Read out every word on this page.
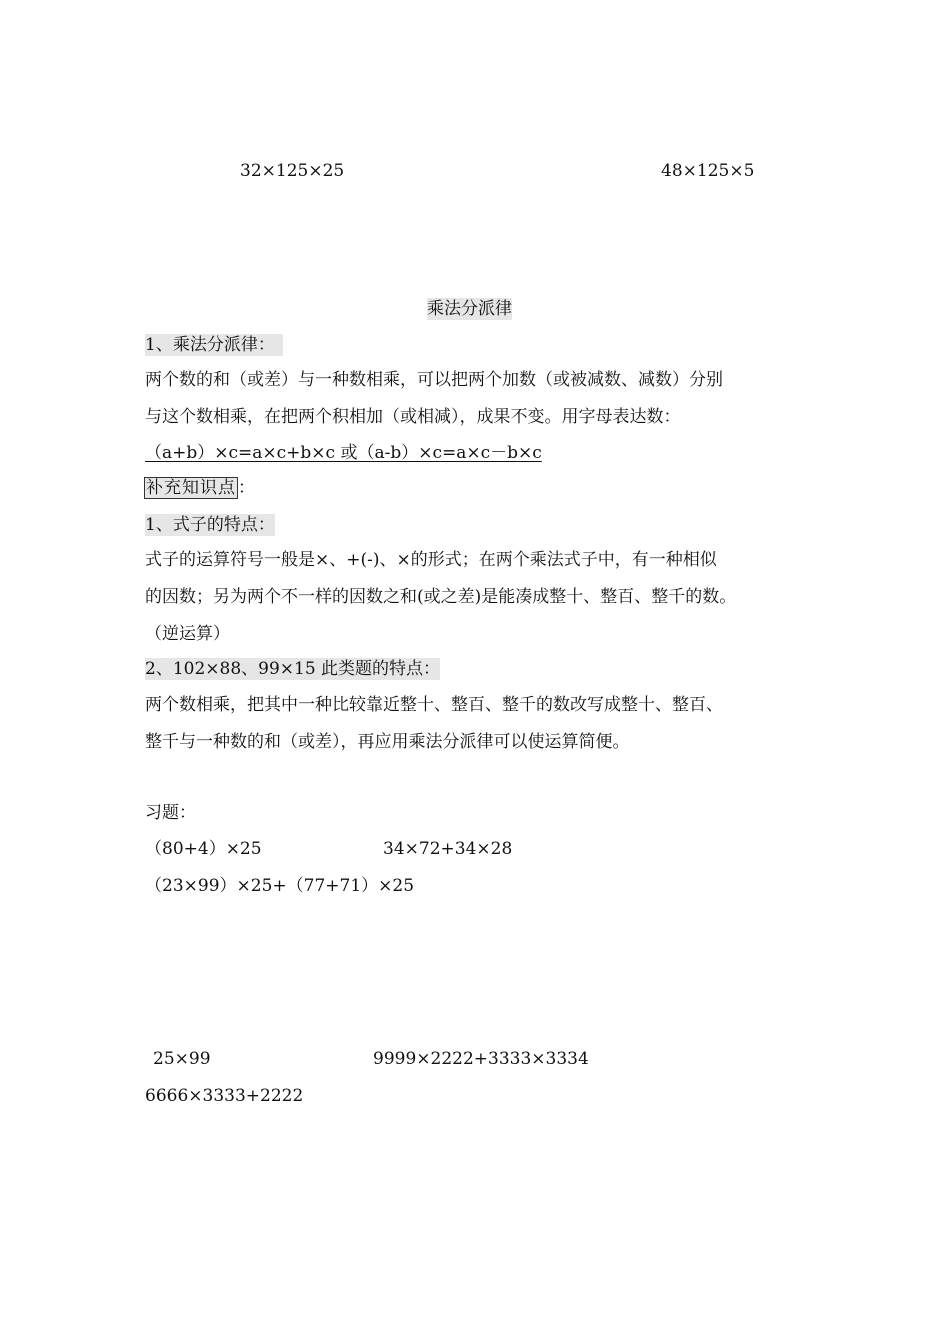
32×125×25	48×125×5
乘法分派律
1、乘法分派律：
两个数的和（或差）与一种数相乘，可以把两个加数（或被减数、减数）分别
与这个数相乘，在把两个积相加（或相减），成果不变。用字母表达数：
（a+b）×c=a×c+b×c 或（a-b）×c=a×c－b×c
补充知识点 ：
1、式子的特点：
式子的运算符号一般是×、+(-)、×的形式；在两个乘法式子中，有一种相似
的因数；另为两个不一样的因数之和(或之差)是能凑成整十、整百、整千的数。
（逆运算）
2、102×88、99×15 此类题的特点：
两个数相乘，把其中一种比较靠近整十、整百、整千的数改写成整十、整百、
整千与一种数的和（或差），再应用乘法分派律可以使运算简便。
习题：
（80+4）×25	34×72+34×28
（23×99）×25+（77+71）×25
25×99	9999×2222+3333×3334
6666×3333+2222
